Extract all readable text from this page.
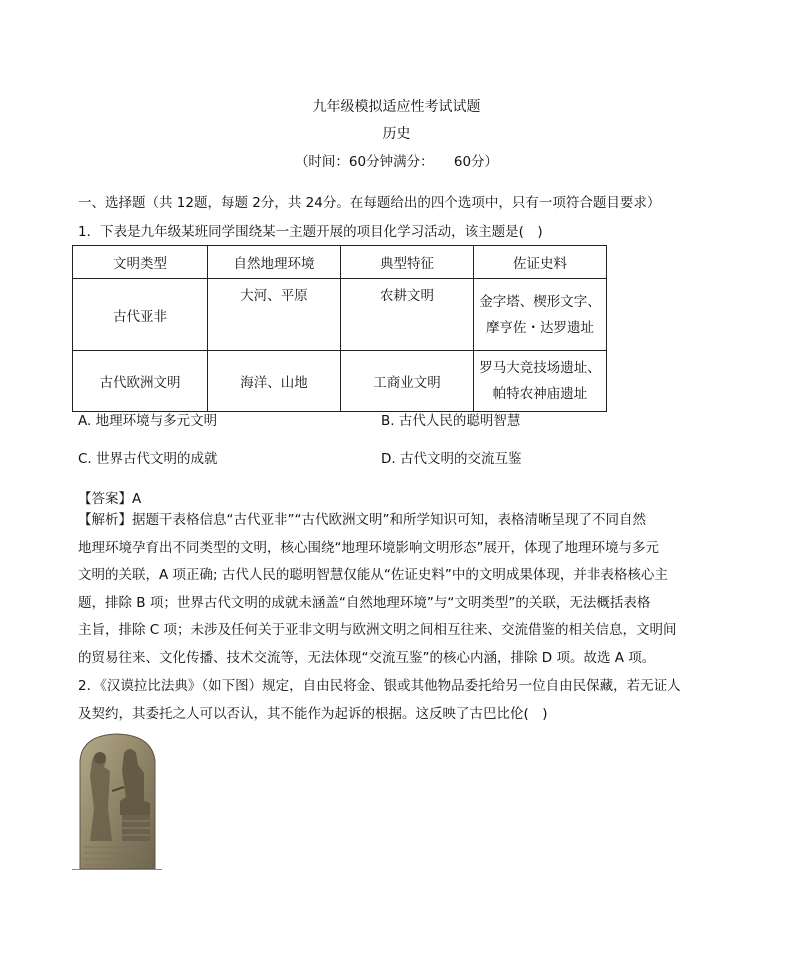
九年级模拟适应性考试试题
历史
（时间：60分钟满分：　　60分）
一、选择题（共 12题，每题 2分，共 24分。在每题给出的四个选项中，只有一项符合题目要求）
1．下表是九年级某班同学围绕某一主题开展的项目化学习活动，该主题是(　)
文明类型	自然地理环境	典型特征	佐证史料
古代亚非	大河、平原	农耕文明	金字塔、楔形文字、
摩亨佐・达罗遗址

古代欧洲文明	海洋、山地	工商业文明	罗马大竞技场遗址、
帕特农神庙遗址
A. 地理环境与多元文明	B. 古代人民的聪明智慧
C. 世界古代文明的成就	D. 古代文明的交流互鉴
【答案】A
【解析】据题干表格信息“古代亚非”“古代欧洲文明”和所学知识可知，表格清晰呈现了不同自然
地理环境孕育出不同类型的文明，核心围绕“地理环境影响文明形态”展开，体现了地理环境与多元
文明的关联，A 项正确; 古代人民的聪明智慧仅能从“佐证史料”中的文明成果体现，并非表格核心主
题，排除 B 项；世界古代文明的成就未涵盖“自然地理环境”与“文明类型”的关联，无法概括表格
主旨，排除 C 项；未涉及任何关于亚非文明与欧洲文明之间相互往来、交流借鉴的相关信息，文明间
的贸易往来、文化传播、技术交流等，无法体现“交流互鉴”的核心内涵，排除 D 项。故选 A 项。
2．《汉谟拉比法典》（如下图）规定，自由民将金、银或其他物品委托给另一位自由民保藏，若无证人
及契约，其委托之人可以否认，其不能作为起诉的根据。这反映了古巴比伦(　)
